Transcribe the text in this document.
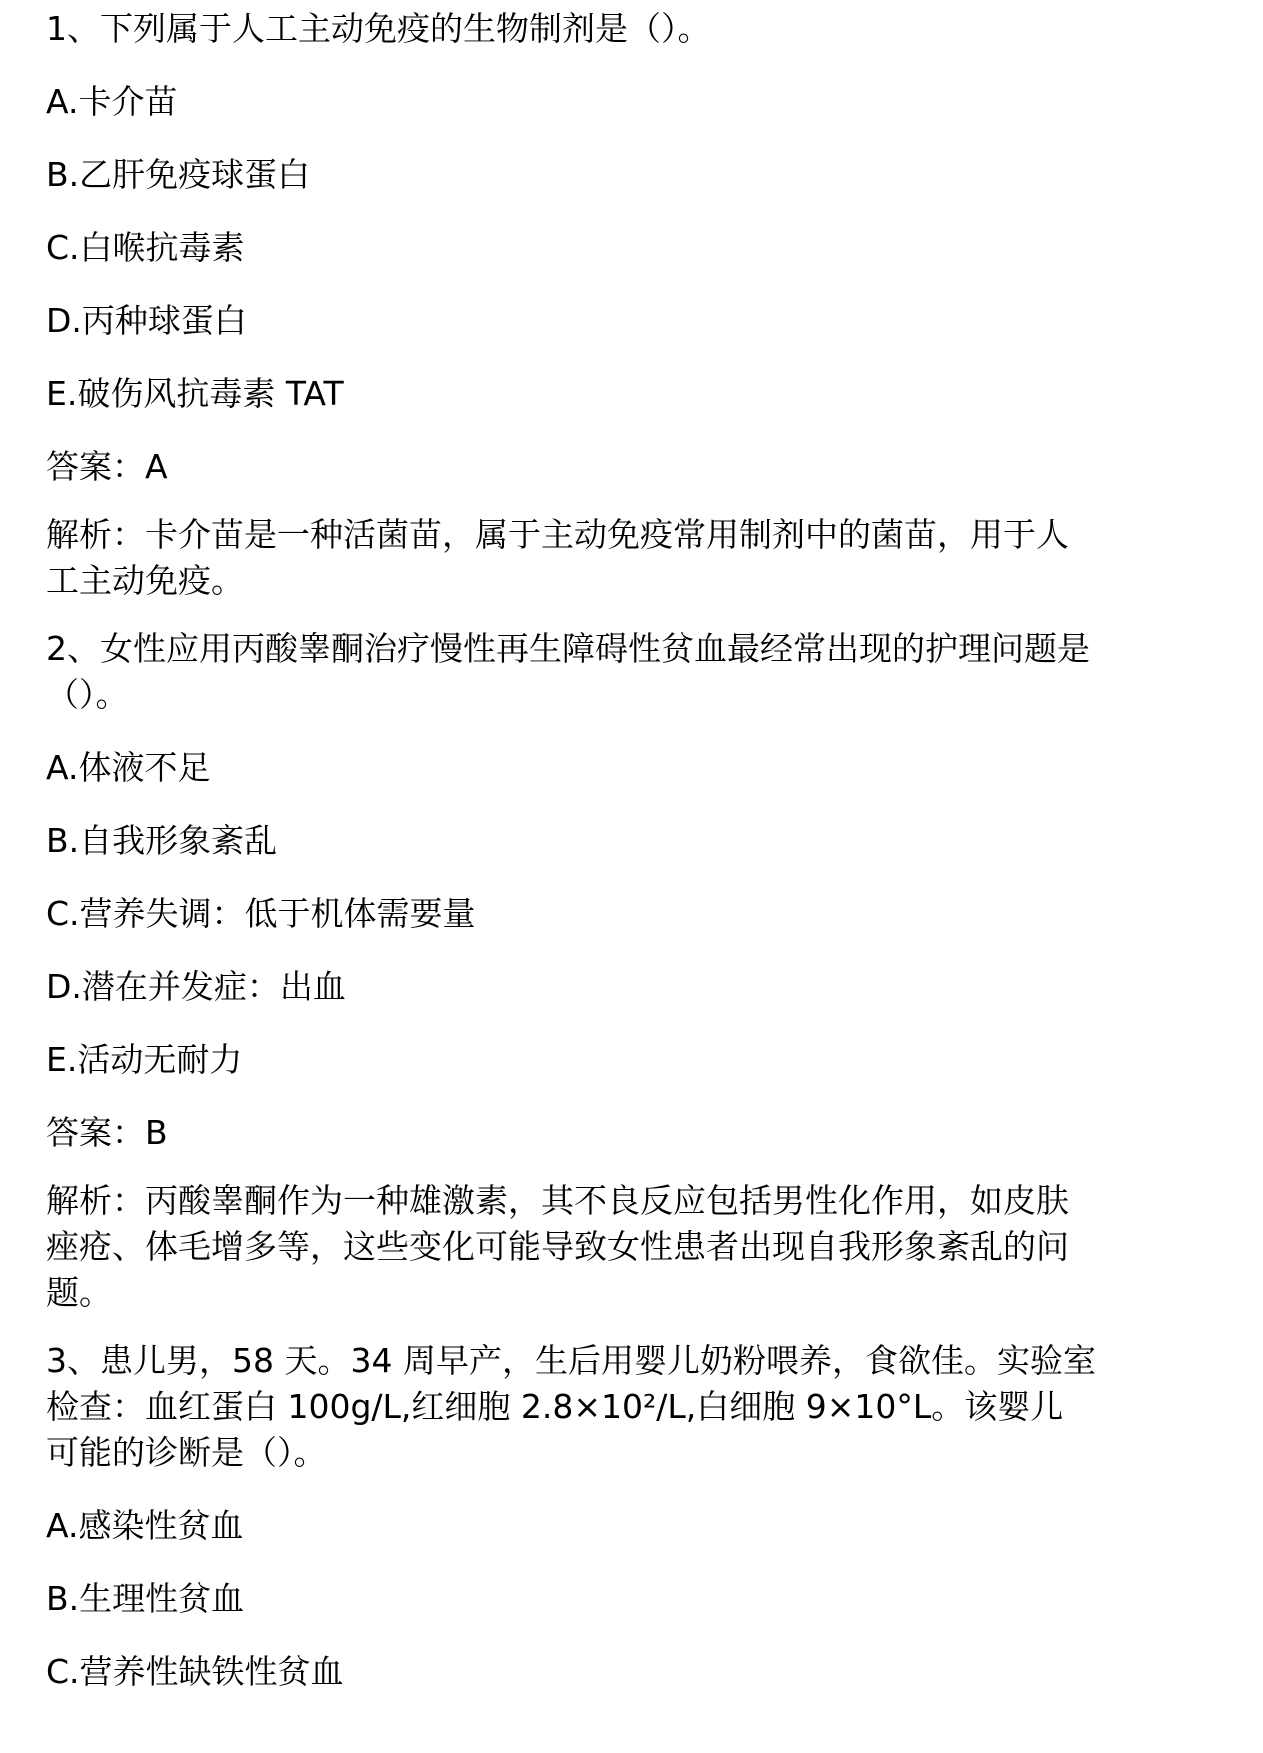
1、下列属于人工主动免疫的生物制剂是（）。
A.卡介苗
B.乙肝免疫球蛋白
C.白喉抗毒素
D.丙种球蛋白
E.破伤风抗毒素 TAT
答案：A
解析：卡介苗是一种活菌苗，属于主动免疫常用制剂中的菌苗，用于人
工主动免疫。
2、女性应用丙酸睾酮治疗慢性再生障碍性贫血最经常出现的护理问题是
（）。
A.体液不足
B.自我形象紊乱
C.营养失调：低于机体需要量
D.潜在并发症：出血
E.活动无耐力
答案：B
解析：丙酸睾酮作为一种雄激素，其不良反应包括男性化作用，如皮肤
痤疮、体毛增多等，这些变化可能导致女性患者出现自我形象紊乱的问
题。
3、患儿男，58 天。34 周早产，生后用婴儿奶粉喂养，食欲佳。实验室
检查：血红蛋白 100g/L,红细胞 2.8×10²/L,白细胞 9×10°L。该婴儿
可能的诊断是（）。
A.感染性贫血
B.生理性贫血
C.营养性缺铁性贫血
